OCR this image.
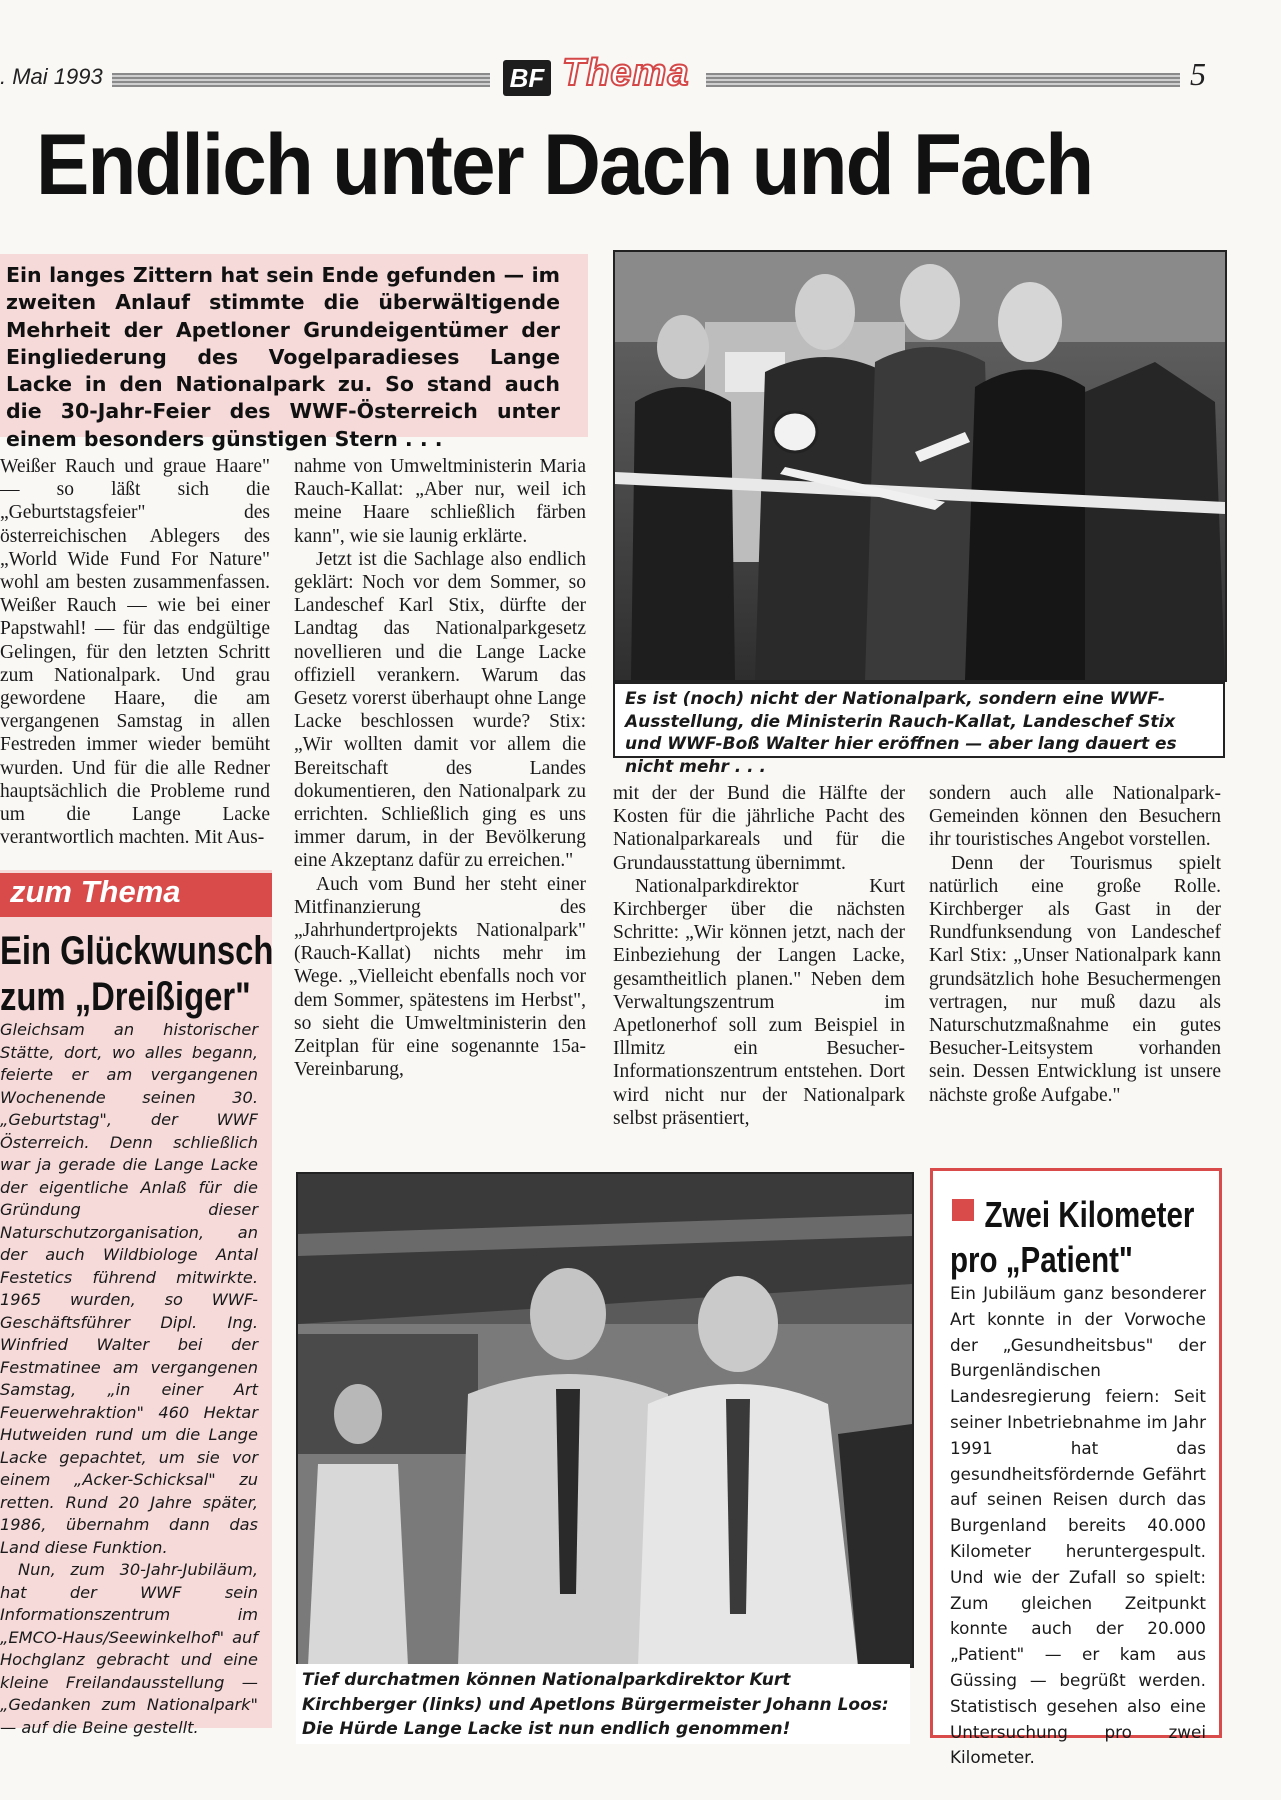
. Mai 1993	BF Thema	5
Endlich unter Dach und Fach
Ein langes Zittern hat sein Ende gefunden — im zweiten Anlauf stimmte die überwältigende Mehrheit der Apetloner Grundeigentümer der Eingliederung des Vogelparadieses Lange Lacke in den Nationalpark zu. So stand auch die 30-Jahr-Feier des WWF-Österreich unter einem besonders günstigen Stern . . .

Es ist (noch) nicht der Nationalpark, sondern eine WWF-Ausstellung, die Ministerin Rauch-Kallat, Landeschef Stix und WWF-Boß Walter hier eröffnen — aber lang dauert es nicht mehr . . .

Weißer Rauch und graue Haare" — so läßt sich die „Geburtstagsfeier" des österreichischen Ablegers des „World Wide Fund For Nature" wohl am besten zusammenfassen. Weißer Rauch — wie bei einer Papstwahl! — für das endgültige Gelingen, für den letzten Schritt zum Nationalpark. Und grau gewordene Haare, die am vergangenen Samstag in allen Festreden immer wieder bemüht wurden. Und für die alle Redner hauptsächlich die Probleme rund um die Lange Lacke verantwortlich machten. Mit Aus-

nahme von Umweltministerin Maria Rauch-Kallat: „Aber nur, weil ich meine Haare schließlich färben kann", wie sie launig erklärte.

Jetzt ist die Sachlage also endlich geklärt: Noch vor dem Sommer, so Landeschef Karl Stix, dürfte der Landtag das Nationalparkgesetz novellieren und die Lange Lacke offiziell verankern. Warum das Gesetz vorerst überhaupt ohne Lange Lacke beschlossen wurde? Stix: „Wir wollten damit vor allem die Bereitschaft des Landes dokumentieren, den Nationalpark zu errichten. Schließlich ging es uns immer darum, in der Bevölkerung eine Akzeptanz dafür zu erreichen."

Auch vom Bund her steht einer Mitfinanzierung des „Jahrhundertprojekts Nationalpark" (Rauch-Kallat) nichts mehr im Wege. „Vielleicht ebenfalls noch vor dem Sommer, spätestens im Herbst", so sieht die Umweltministerin den Zeitplan für eine sogenannte 15a-Vereinbarung,

mit der der Bund die Hälfte der Kosten für die jährliche Pacht des Nationalparkareals und für die Grundausstattung übernimmt.

Nationalparkdirektor Kurt Kirchberger über die nächsten Schritte: „Wir können jetzt, nach der Einbeziehung der Langen Lacke, gesamtheitlich planen." Neben dem Verwaltungszentrum im Apetlonerhof soll zum Beispiel in Illmitz ein Besucher-Informationszentrum entstehen. Dort wird nicht nur der Nationalpark selbst präsentiert,

sondern auch alle Nationalpark-Gemeinden können den Besuchern ihr touristisches Angebot vorstellen.

Denn der Tourismus spielt natürlich eine große Rolle. Kirchberger als Gast in der Rundfunksendung von Landeschef Karl Stix: „Unser Nationalpark kann grundsätzlich hohe Besuchermengen vertragen, nur muß dazu als Naturschutzmaßnahme ein gutes Besucher-Leitsystem vorhanden sein. Dessen Entwicklung ist unsere nächste große Aufgabe."

zum Thema
Ein Glückwunsch
zum „Dreißiger"

Gleichsam an historischer Stätte, dort, wo alles begann, feierte er am vergangenen Wochenende seinen 30. „Geburtstag", der WWF Österreich. Denn schließlich war ja gerade die Lange Lacke der eigentliche Anlaß für die Gründung dieser Naturschutzorganisation, an der auch Wildbiologe Antal Festetics führend mitwirkte. 1965 wurden, so WWF-Geschäftsführer Dipl. Ing. Winfried Walter bei der Festmatinee am vergangenen Samstag, „in einer Art Feuerwehraktion" 460 Hektar Hutweiden rund um die Lange Lacke gepachtet, um sie vor einem „Acker-Schicksal" zu retten. Rund 20 Jahre später, 1986, übernahm dann das Land diese Funktion.

Nun, zum 30-Jahr-Jubiläum, hat der WWF sein Informationszentrum im „EMCO-Haus/Seewinkelhof" auf Hochglanz gebracht und eine kleine Freilandausstellung — „Gedanken zum Nationalpark" — auf die Beine gestellt.

Tief durchatmen können Nationalparkdirektor Kurt Kirchberger (links) und Apetlons Bürgermeister Johann Loos: Die Hürde Lange Lacke ist nun endlich genommen!

Zwei Kilometer
pro „Patient"

Ein Jubiläum ganz besonderer Art konnte in der Vorwoche der „Gesundheitsbus" der Burgenländischen Landesregierung feiern: Seit seiner Inbetriebnahme im Jahr 1991 hat das gesundheitsfördernde Gefährt auf seinen Reisen durch das Burgenland bereits 40.000 Kilometer heruntergespult. Und wie der Zufall so spielt: Zum gleichen Zeitpunkt konnte auch der 20.000 „Patient" — er kam aus Güssing — begrüßt werden. Statistisch gesehen also eine Untersuchung pro zwei Kilometer.
